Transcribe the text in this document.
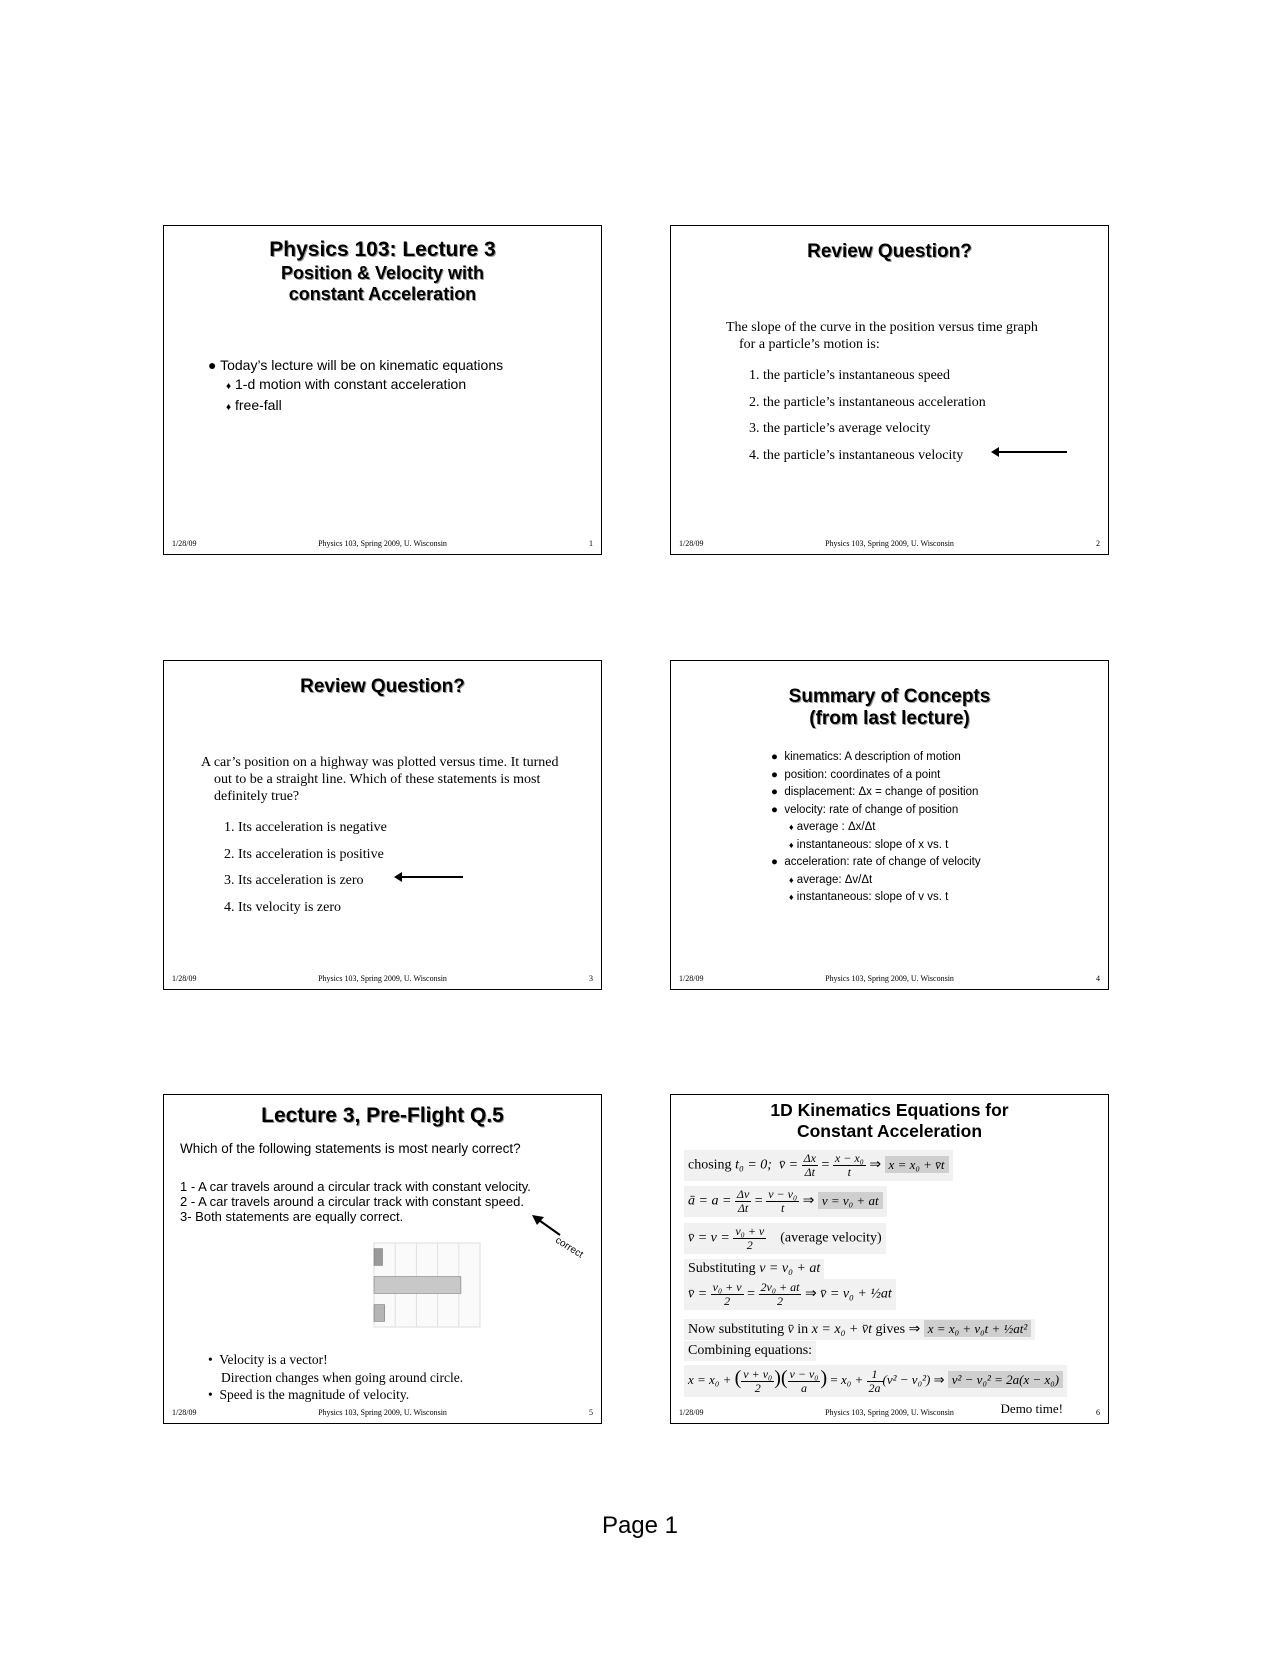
Physics 103: Lecture 3
Position & Velocity with
constant Acceleration
● Today’s lecture will be on kinematic equations
♦ 1-d motion with constant acceleration
♦ free-fall
1/28/09	Physics 103, Spring 2009, U. Wisconsin	1
Review Question?
The slope of the curve in the position versus time graph
for a particle’s motion is:
1. the particle’s instantaneous speed
2. the particle’s instantaneous acceleration
3. the particle’s average velocity
4. the particle’s instantaneous velocity
1/28/09	Physics 103, Spring 2009, U. Wisconsin	2
Review Question?
A car’s position on a highway was plotted versus time. It turned
out to be a straight line. Which of these statements is most
definitely true?
1. Its acceleration is negative
2. Its acceleration is positive
3. Its acceleration is zero
4. Its velocity is zero
1/28/09	Physics 103, Spring 2009, U. Wisconsin	3
Summary of Concepts
(from last lecture)
● kinematics: A description of motion
● position: coordinates of a point
● displacement: Δx = change of position
● velocity: rate of change of position
♦ average : Δx/Δt
♦ instantaneous: slope of x vs. t
● acceleration: rate of change of velocity
♦ average: Δv/Δt
♦ instantaneous: slope of v vs. t
1/28/09	Physics 103, Spring 2009, U. Wisconsin	4
Lecture 3, Pre-Flight Q.5
Which of the following statements is most nearly correct?
1 - A car travels around a circular track with constant velocity.
2 - A car travels around a circular track with constant speed.
3- Both statements are equally correct.
correct
• Velocity is a vector!
Direction changes when going around circle.
• Speed is the magnitude of velocity.
1/28/09	Physics 103, Spring 2009, U. Wisconsin	5
1D Kinematics Equations for
Constant Acceleration
chosing t₀ = 0; v̄ = $\frac{\Delta x}{\Delta t} = \frac{\text{x − x₀}}{t}$ ⇒ x = x₀ + v̄t
ā = $a = \frac{\Delta v}{\Delta t} = \frac{\text{v − v₀}}{t}$ ⇒ v = v₀ + at
v̄ = $v = \frac{\text{v₀ + v}}{2}$ (average velocity)
Substituting v = v₀ + at
v̄ = $\frac{\text{v₀ + v}}{2} = \frac{\text{2v₀ + at}}{2}$ ⇒ v̄ = v₀ + ½at
Now substituting v̄ in x = x₀ + v̄t gives ⇒ x = x₀ + v₀t + ½at²
Combining equations:
x = x₀ + ( $\frac{\text{v + v₀}}{2}$ )( $\frac{\text{v − v₀}}{a}$ ) = $x_0 + \frac{1}{2a} (v^2 - v_0^2)$ ⇒ v² − v₀² = 2a(x − x₀)
Demo time!
1/28/09	Physics 103, Spring 2009, U. Wisconsin	6
Page 1
